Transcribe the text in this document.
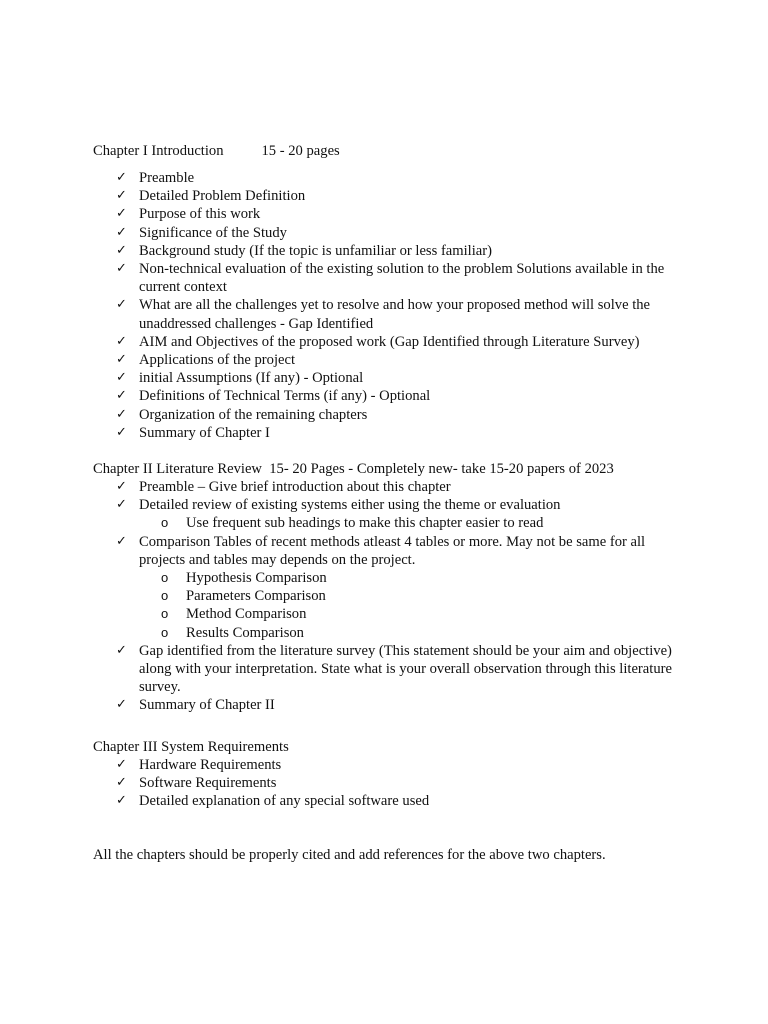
Chapter I Introduction	15 - 20 pages
✓ Preamble
✓ Detailed Problem Definition
✓ Purpose of this work
✓ Significance of the Study
✓ Background study (If the topic is unfamiliar or less familiar)
✓ Non-technical evaluation of the existing solution to the problem Solutions available in the current context
✓ What are all the challenges yet to resolve and how your proposed method will solve the unaddressed challenges - Gap Identified
✓ AIM and Objectives of the proposed work (Gap Identified through Literature Survey)
✓ Applications of the project
✓ initial Assumptions (If any) - Optional
✓ Definitions of Technical Terms (if any) - Optional
✓ Organization of the remaining chapters
✓ Summary of Chapter I
Chapter II Literature Review  15- 20 Pages - Completely new- take 15-20 papers of 2023
✓ Preamble – Give brief introduction about this chapter
✓ Detailed review of existing systems either using the theme or evaluation
o Use frequent sub headings to make this chapter easier to read
✓ Comparison Tables of recent methods atleast 4 tables or more. May not be same for all projects and tables may depends on the project.
o Hypothesis Comparison
o Parameters Comparison
o Method Comparison
o Results Comparison
✓ Gap identified from the literature survey (This statement should be your aim and objective) along with your interpretation. State what is your overall observation through this literature survey.
✓ Summary of Chapter II
Chapter III System Requirements
✓ Hardware Requirements
✓ Software Requirements
✓ Detailed explanation of any special software used
All the chapters should be properly cited and add references for the above two chapters.
